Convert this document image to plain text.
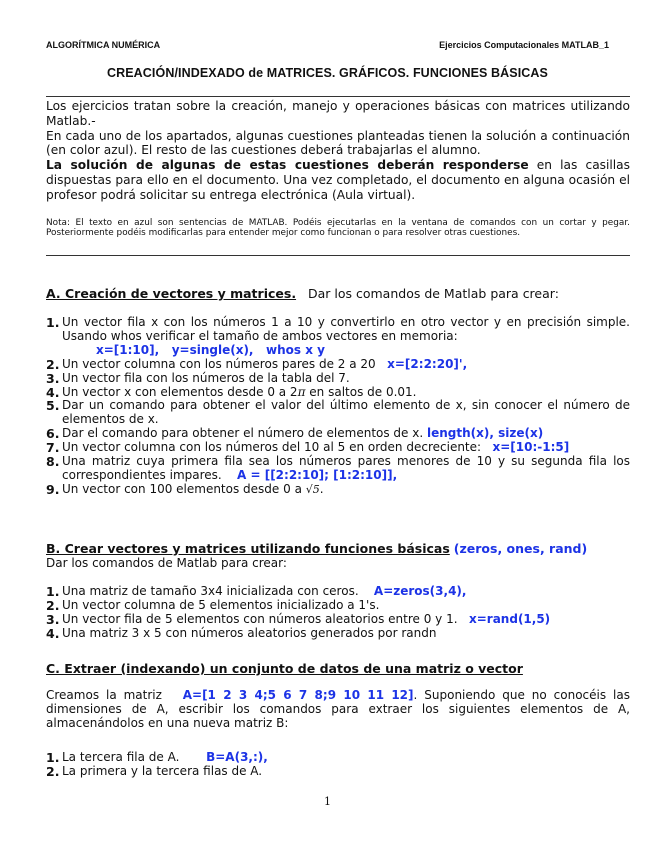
ALGORÍTMICA NUMÉRICA	Ejercicios Computacionales MATLAB_1
CREACIÓN/INDEXADO de MATRICES. GRÁFICOS. FUNCIONES BÁSICAS

Los ejercicios tratan sobre la creación, manejo y operaciones básicas con matrices utilizando Matlab.-

En cada uno de los apartados, algunas cuestiones planteadas tienen la solución a continuación (en color azul). El resto de las cuestiones deberá trabajarlas el alumno.

La solución de algunas de estas cuestiones deberán responderse en las casillas dispuestas para ello en el documento. Una vez completado, el documento en alguna ocasión el profesor podrá solicitar su entrega electrónica (Aula virtual).

Nota: El texto en azul son sentencias de MATLAB. Podéis ejecutarlas en la ventana de comandos con un cortar y pegar. Posteriormente podéis modificarlas para entender mejor como funcionan o para resolver otras cuestiones.
A. Creación de vectores y matrices. Dar los comandos de Matlab para crear:
1. Un vector fila x con los números 1 a 10 y convertirlo en otro vector y en precisión simple. Usando whos verificar el tamaño de ambos vectores en memoria:
x=[1:10],   y=single(x),   whos x y
2. Un vector columna con los números pares de 2 a 20 x=[2:2:20]',
3. Un vector fila con los números de la tabla del 7.
4. Un vector x con elementos desde 0 a 2π en saltos de 0.01.
5. Dar un comando para obtener el valor del último elemento de x, sin conocer el número de elementos de x.
6. Dar el comando para obtener el número de elementos de x. length(x), size(x)
7. Un vector columna con los números del 10 al 5 en orden decreciente: x=[10:-1:5]
8. Una matriz cuya primera fila sea los números pares menores de 10 y su segunda fila los correspondientes impares. A = [[2:2:10]; [1:2:10]],
9. Un vector con 100 elementos desde 0 a √5.
B. Crear vectores y matrices utilizando funciones básicas (zeros, ones, rand)
Dar los comandos de Matlab para crear:
1. Una matriz de tamaño 3x4 inicializada con ceros. A=zeros(3,4),
2. Un vector columna de 5 elementos inicializado a 1's.
3. Un vector fila de 5 elementos con números aleatorios entre 0 y 1. x=rand(1,5)
4. Una matriz 3 x 5 con números aleatorios generados por randn
C. Extraer (indexando) un conjunto de datos de una matriz o vector
Creamos la matriz A=[1 2 3 4;5 6 7 8;9 10 11 12]. Suponiendo que no conocéis las dimensiones de A, escribir los comandos para extraer los siguientes elementos de A, almacenándolos en una nueva matriz B:
1. La tercera fila de A. B=A(3,:),
2. La primera y la tercera filas de A.
1
